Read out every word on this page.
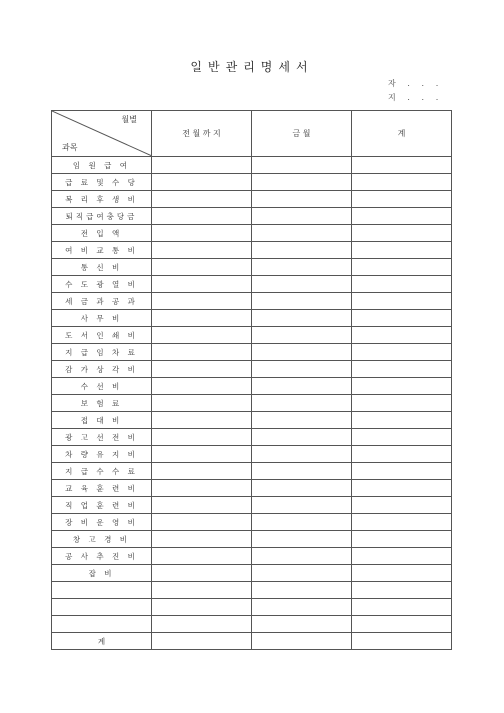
일반관리명세서
자   .   .   .
지   .   .   .
월별
과목	전 월 까 지	금 월	계
임 원 급 여			
급 료 및 수 당			
복 리 후 생 비			
퇴직급여충당금			
전 입 액			
여 비 교 통 비			
통 신 비			
수 도 광 열 비			
세 금 과 공 과			
사 무 비			
도 서 인 쇄 비			
지 급 임 차 료			
감 가 상 각 비			
수 선 비			
보 험 료			
접 대 비			
광 고 선 전 비			
차 량 유 지 비			
지 급 수 수 료			
교 육 훈 련 비			
직 업 훈 련 비			
장 비 운 영 비			
창 고 경 비			
공 사 추 진 비			
잡 비			

계			
